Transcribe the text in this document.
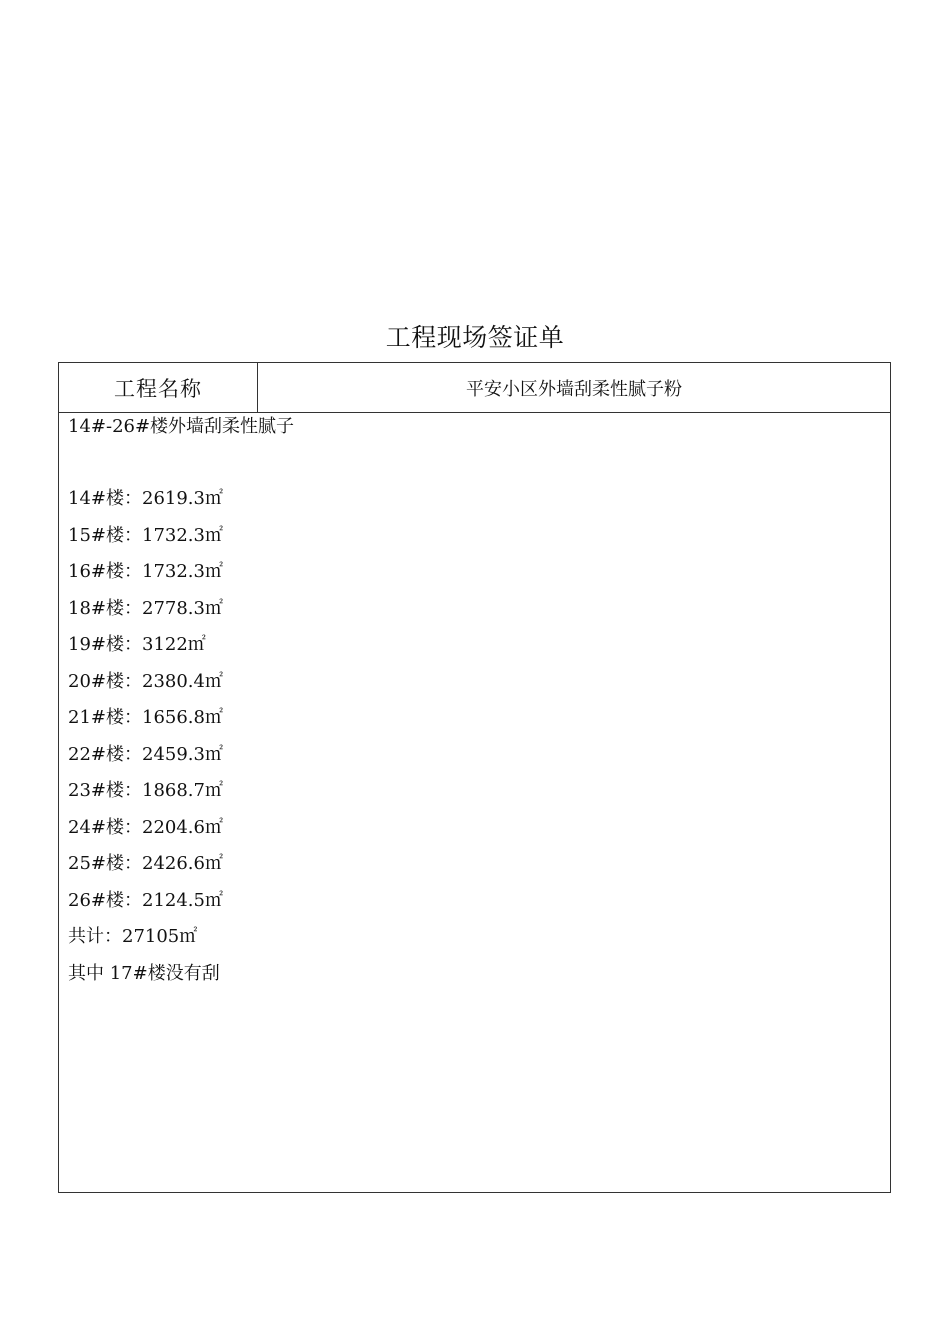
工程现场签证单
工程名称	平安小区外墙刮柔性腻子粉
14#-26#楼外墙刮柔性腻子
14#楼：2619.3㎡
15#楼：1732.3㎡
16#楼：1732.3㎡
18#楼：2778.3㎡
19#楼：3122㎡
20#楼：2380.4㎡
21#楼：1656.8㎡
22#楼：2459.3㎡
23#楼：1868.7㎡
24#楼：2204.6㎡
25#楼：2426.6㎡
26#楼：2124.5㎡
共计：27105㎡
其中 17#楼没有刮
